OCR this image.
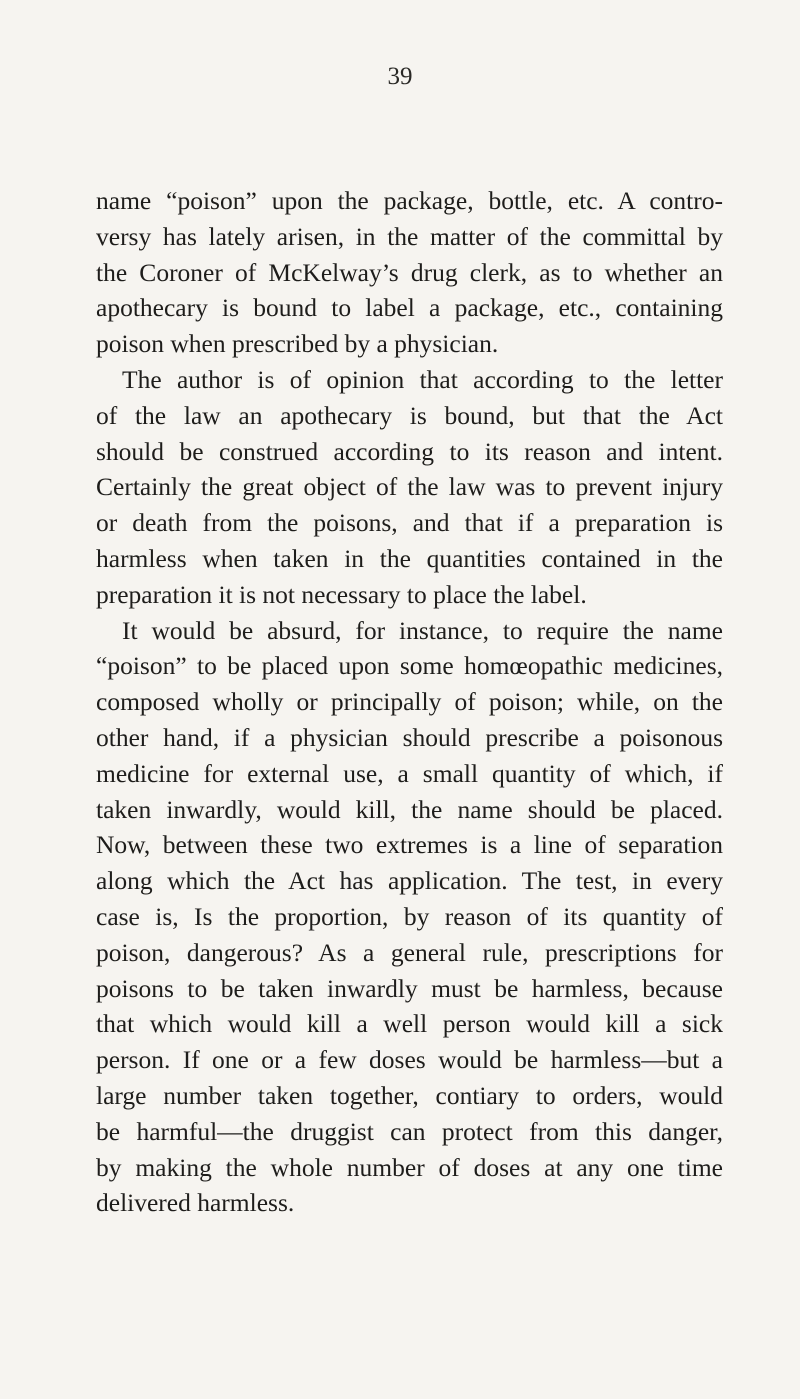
39
name “poison” upon the package, bottle, etc. A contro-
versy has lately arisen, in the matter of the committal by
the Coroner of McKelway’s drug clerk, as to whether an
apothecary is bound to label a package, etc., containing
poison when prescribed by a physician.
The author is of opinion that according to the letter
of the law an apothecary is bound, but that the Act
should be construed according to its reason and intent.
Certainly the great object of the law was to prevent injury
or death from the poisons, and that if a preparation is
harmless when taken in the quantities contained in the
preparation it is not necessary to place the label.
It would be absurd, for instance, to require the name
“poison” to be placed upon some homœopathic medicines,
composed wholly or principally of poison; while, on the
other hand, if a physician should prescribe a poisonous
medicine for external use, a small quantity of which, if
taken inwardly, would kill, the name should be placed.
Now, between these two extremes is a line of separation
along which the Act has application. The test, in every
case is, Is the proportion, by reason of its quantity of
poison, dangerous? As a general rule, prescriptions for
poisons to be taken inwardly must be harmless, because
that which would kill a well person would kill a sick
person. If one or a few doses would be harmless—but a
large number taken together, contiary to orders, would
be harmful—the druggist can protect from this danger,
by making the whole number of doses at any one time
delivered harmless.
